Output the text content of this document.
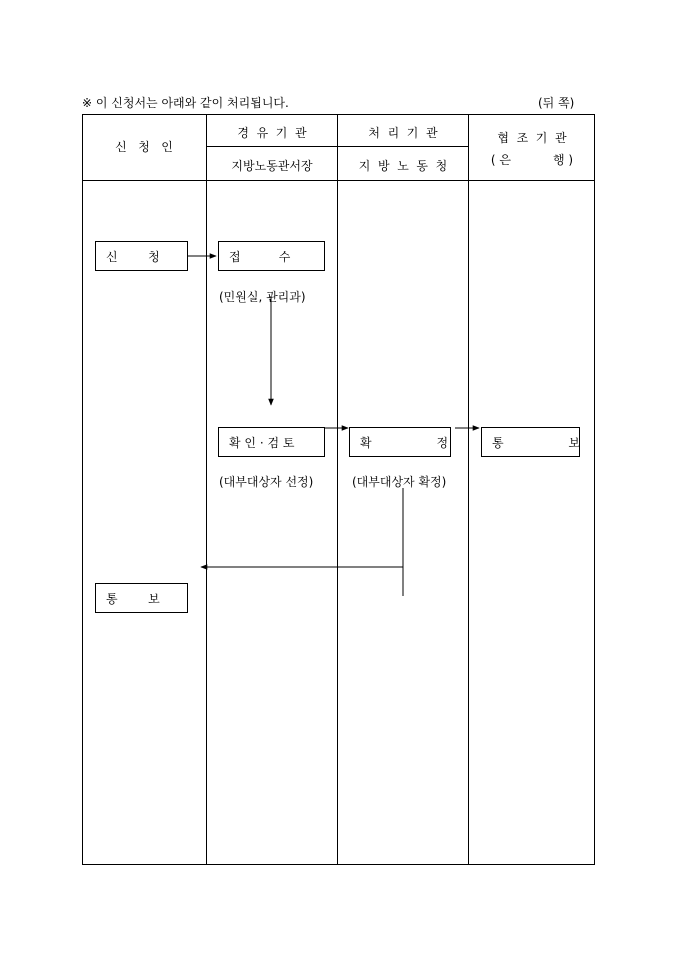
※ 이 신청서는 아래와 같이 처리됩니다.	(뒤 쪽)
신   청   인
경  유  기  관
지방노동관서장
처  리  기  관
지  방  노  동  청
협  조  기  관
( 은           행 )
신        청	접          수
(민원실, 관리과)
확 인 · 검 토
(대부대상자 선정)
확                 정
(대부대상자 확정)
통                 보
통        보
